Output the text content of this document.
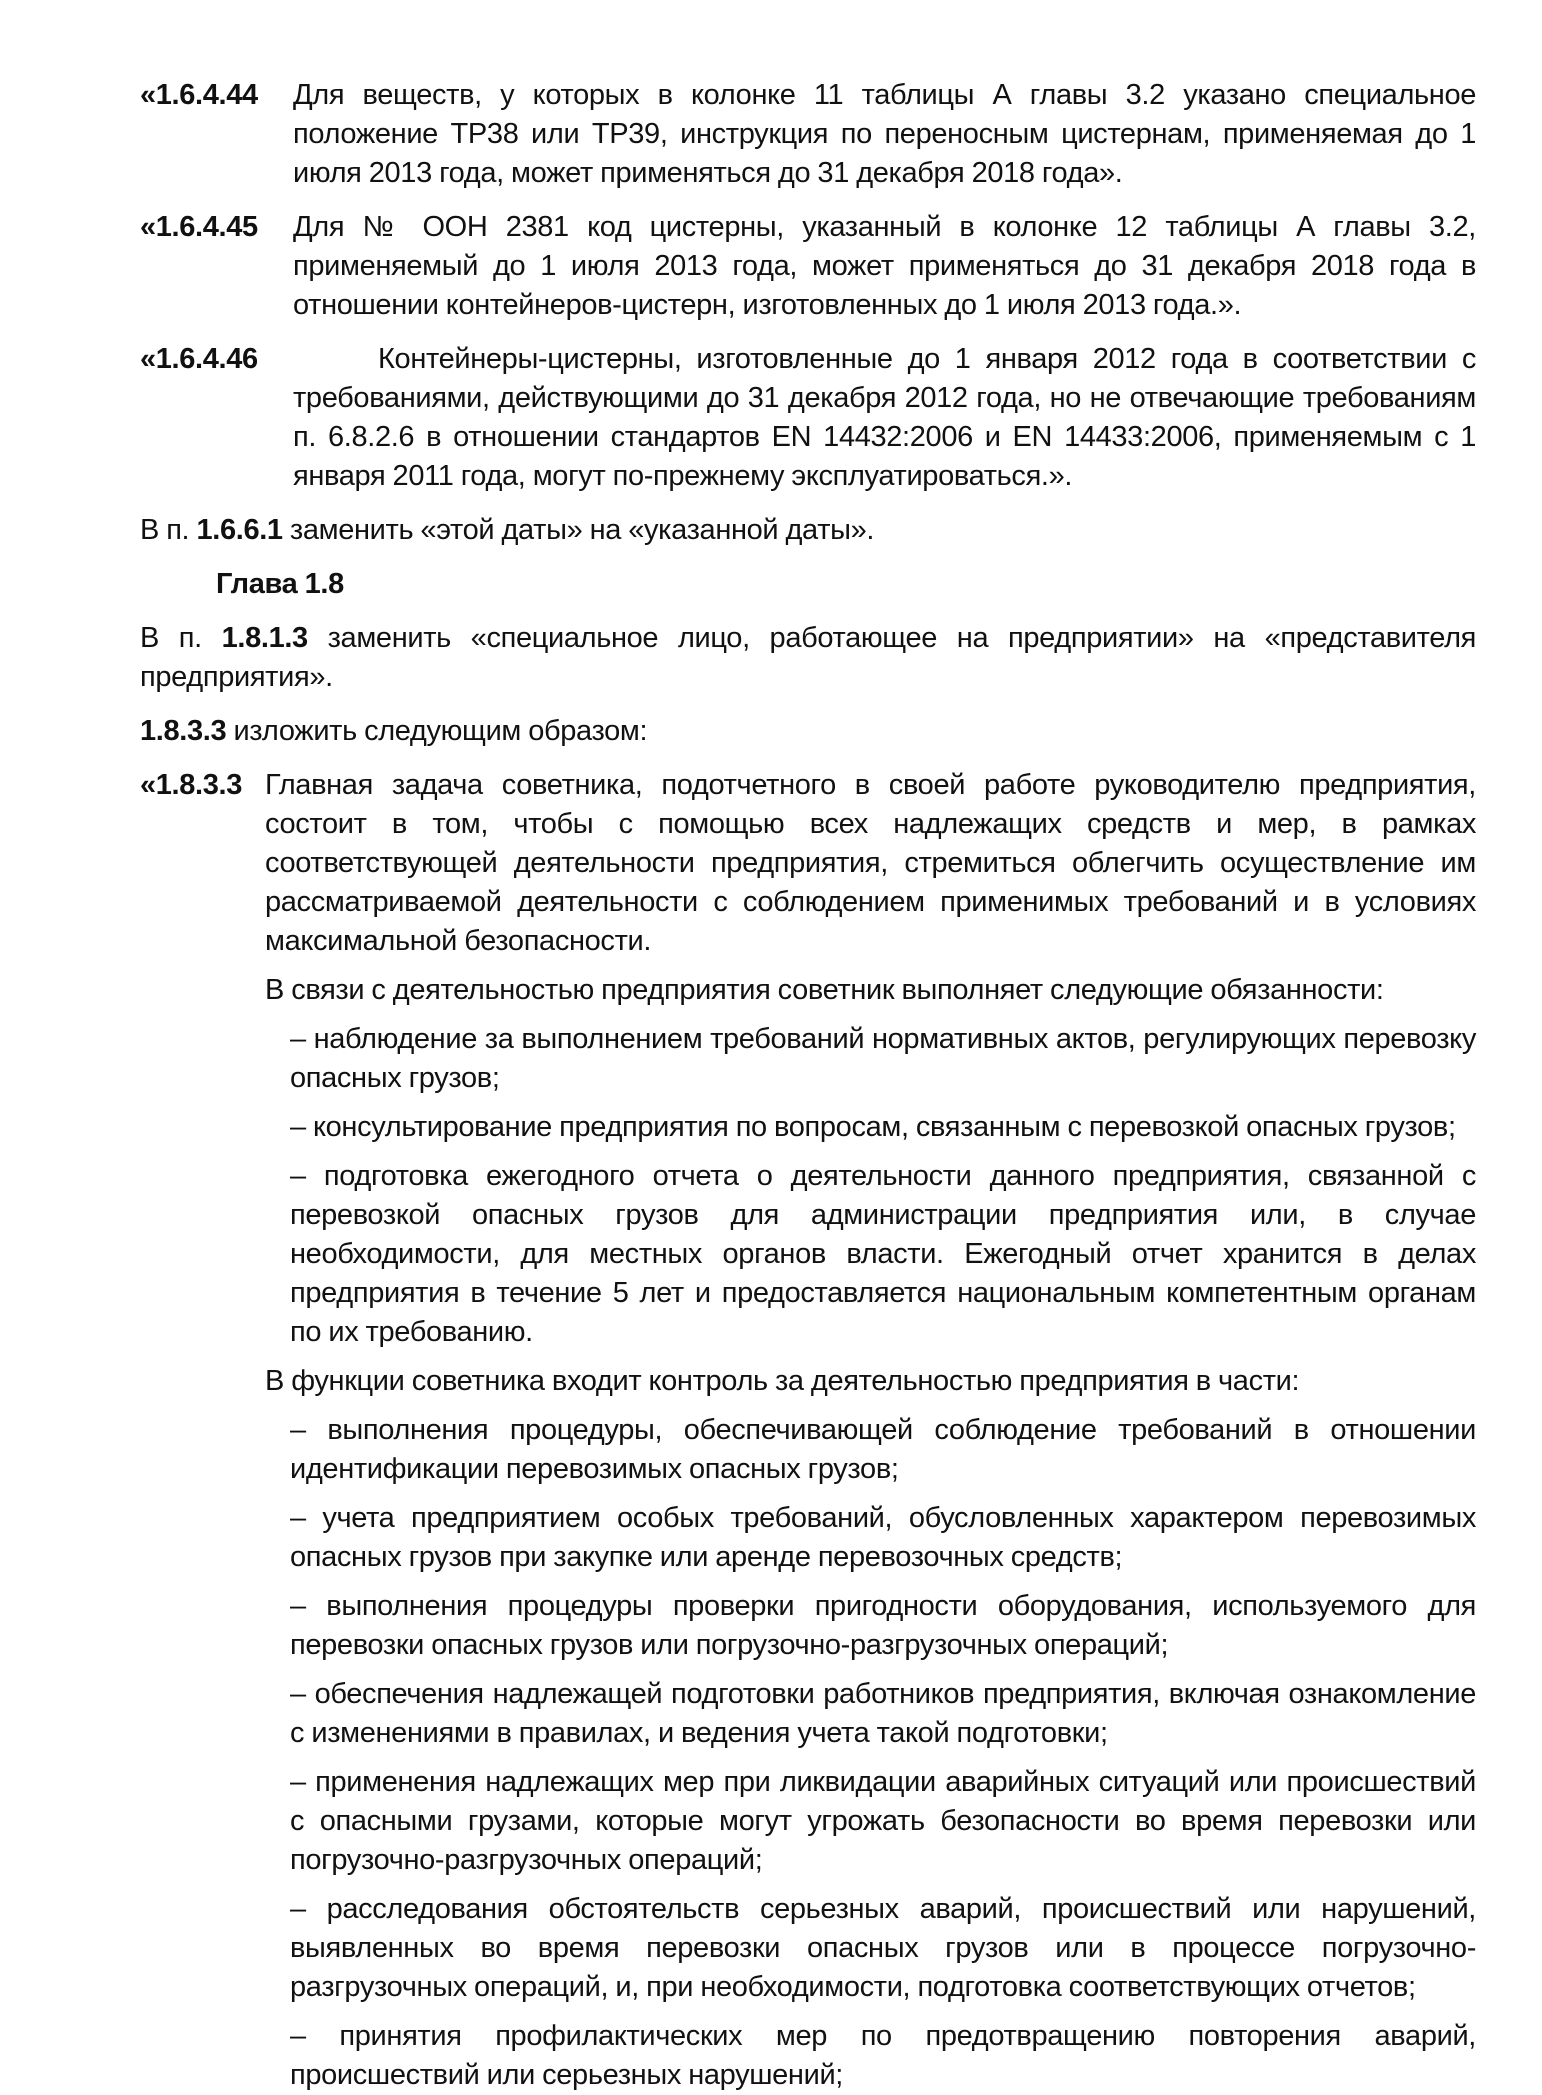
«1.6.4.44	Для веществ, у которых в колонке 11 таблицы А главы 3.2 указано специальное положение ТР38 или ТР39, инструкция по переносным цистернам, применяемая до 1 июля 2013 года, может применяться до 31 декабря 2018 года».
«1.6.4.45	Для № ООН 2381 код цистерны, указанный в колонке 12 таблицы А главы 3.2, применяемый до 1 июля 2013 года, может применяться до 31 декабря 2018 года в отношении контейнеров-цистерн, изготовленных до 1 июля 2013 года.».
«1.6.4.46	Контейнеры-цистерны, изготовленные до 1 января 2012 года в соответствии с требованиями, действующими до 31 декабря 2012 года, но не отвечающие требованиям п. 6.8.2.6 в отношении стандартов EN 14432:2006 и EN 14433:2006, применяемым с 1 января 2011 года, могут по-прежнему эксплуатироваться.».

В п. 1.6.6.1 заменить «этой даты» на «указанной даты».

Глава 1.8

В п. 1.8.1.3 заменить «специальное лицо, работающее на предприятии» на «представителя предприятия».

1.8.3.3 изложить следующим образом:

«1.8.3.3 Главная задача советника, подотчетного в своей работе руководителю предприятия, состоит в том, чтобы с помощью всех надлежащих средств и мер, в рамках соответствующей деятельности предприятия, стремиться облегчить осуществление им рассматриваемой деятельности с соблюдением применимых требований и в условиях максимальной безопасности.

В связи с деятельностью предприятия советник выполняет следующие обязанности:

– наблюдение за выполнением требований нормативных актов, регулирующих перевозку опасных грузов;

– консультирование предприятия по вопросам, связанным с перевозкой опасных грузов;

– подготовка ежегодного отчета о деятельности данного предприятия, связанной с перевозкой опасных грузов для администрации предприятия или, в случае необходимости, для местных органов власти. Ежегодный отчет хранится в делах предприятия в течение 5 лет и предоставляется национальным компетентным органам по их требованию.

В функции советника входит контроль за деятельностью предприятия в части:

– выполнения процедуры, обеспечивающей соблюдение требований в отношении идентификации перевозимых опасных грузов;

– учета предприятием особых требований, обусловленных характером перевозимых опасных грузов при закупке или аренде перевозочных средств;

– выполнения процедуры проверки пригодности оборудования, используемого для перевозки опасных грузов или погрузочно-разгрузочных операций;

– обеспечения надлежащей подготовки работников предприятия, включая ознакомление с изменениями в правилах, и ведения учета такой подготовки;

– применения надлежащих мер при ликвидации аварийных ситуаций или происшествий с опасными грузами, которые могут угрожать безопасности во время перевозки или погрузочно-разгрузочных операций;

– расследования обстоятельств серьезных аварий, происшествий или нарушений, выявленных во время перевозки опасных грузов или в процессе погрузочно-разгрузочных операций, и, при необходимости, подготовка соответствующих отчетов;

– принятия профилактических мер по предотвращению повторения аварий, происшествий или серьезных нарушений;
